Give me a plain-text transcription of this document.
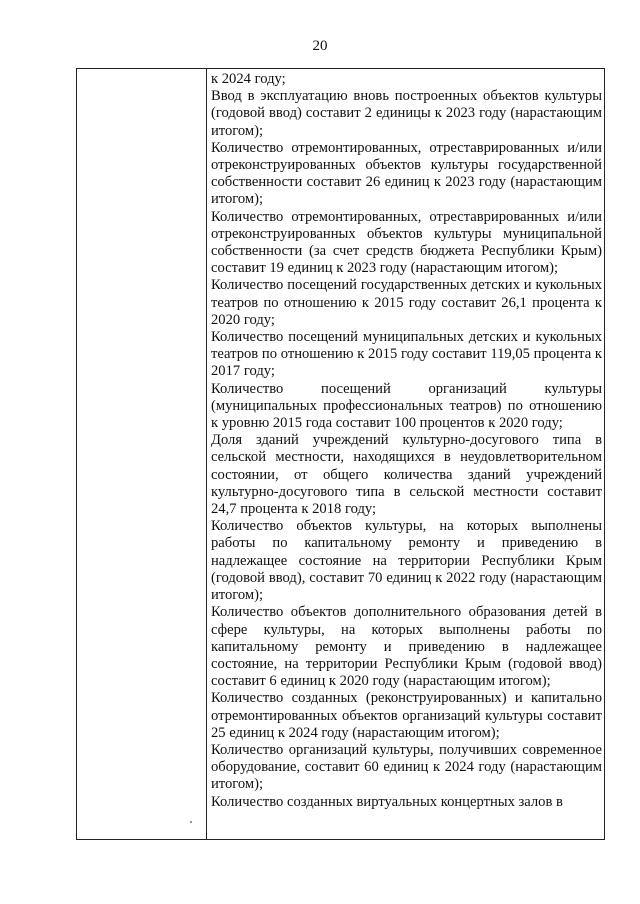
20

к 2024 году;

Ввод в эксплуатацию вновь построенных объектов культуры (годовой ввод) составит 2 единицы к 2023 году (нарастающим итогом);

Количество отремонтированных, отреставрированных и/или отреконструированных объектов культуры государственной собственности составит 26 единиц к 2023 году (нарастающим итогом);

Количество отремонтированных, отреставрированных и/или отреконструированных объектов культуры муниципальной собственности (за счет средств бюджета Республики Крым) составит 19 единиц к 2023 году (нарастающим итогом);

Количество посещений государственных детских и кукольных театров по отношению к 2015 году составит 26,1 процента к 2020 году;

Количество посещений муниципальных детских и кукольных театров по отношению к 2015 году составит 119,05 процента к 2017 году;

Количество посещений организаций культуры (муниципальных профессиональных театров) по отношению к уровню 2015 года составит 100 процентов к 2020 году;

Доля зданий учреждений культурно-досугового типа в сельской местности, находящихся в неудовлетворительном состоянии, от общего количества зданий учреждений культурно-досугового типа в сельской местности составит 24,7 процента к 2018 году;

Количество объектов культуры, на которых выполнены работы по капитальному ремонту и приведению в надлежащее состояние на территории Республики Крым (годовой ввод), составит 70 единиц к 2022 году (нарастающим итогом);

Количество объектов дополнительного образования детей в сфере культуры, на которых выполнены работы по капитальному ремонту и приведению в надлежащее состояние, на территории Республики Крым (годовой ввод) составит 6 единиц к 2020 году (нарастающим итогом);

Количество созданных (реконструированных) и капитально отремонтированных объектов организаций культуры составит 25 единиц к 2024 году (нарастающим итогом);

Количество организаций культуры, получивших современное оборудование, составит 60 единиц к 2024 году (нарастающим итогом);

Количество созданных виртуальных концертных залов в
